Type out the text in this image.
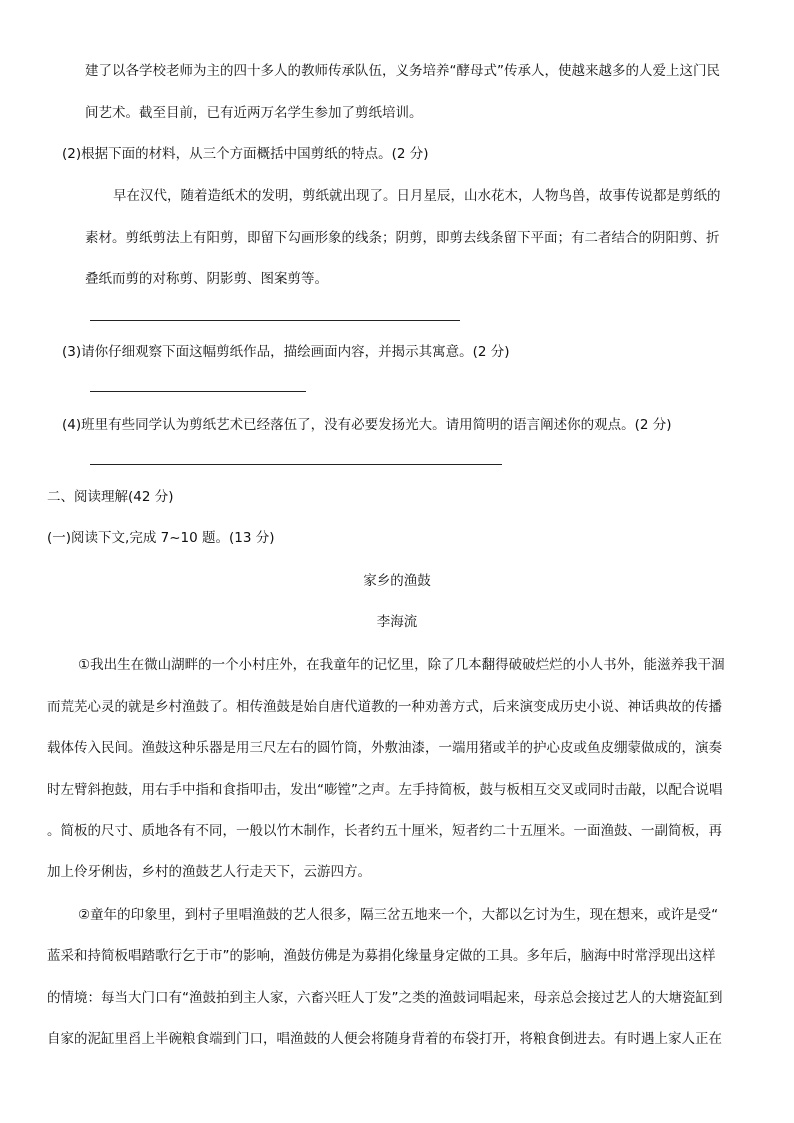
建了以各学校老师为主的四十多人的教师传承队伍，义务培养“酵母式”传承人，使越来越多的人爱上这门民
间艺术。截至目前，已有近两万名学生参加了剪纸培训。
(2)根据下面的材料，从三个方面概括中国剪纸的特点。(2 分)
早在汉代，随着造纸术的发明，剪纸就出现了。日月星辰，山水花木，人物鸟兽，故事传说都是剪纸的
素材。剪纸剪法上有阳剪，即留下勾画形象的线条；阴剪，即剪去线条留下平面；有二者结合的阴阳剪、折
叠纸而剪的对称剪、阴影剪、图案剪等。
(3)请你仔细观察下面这幅剪纸作品，描绘画面内容，并揭示其寓意。(2 分)
(4)班里有些同学认为剪纸艺术已经落伍了，没有必要发扬光大。请用简明的语言阐述你的观点。(2 分)
二、阅读理解(42 分)
(一)阅读下文,完成 7~10 题。(13 分)
家乡的渔鼓
李海流
①我出生在微山湖畔的一个小村庄外，在我童年的记忆里，除了几本翻得破破烂烂的小人书外，能滋养我干涸
而荒芜心灵的就是乡村渔鼓了。相传渔鼓是始自唐代道教的一种劝善方式，后来演变成历史小说、神话典故的传播
载体传入民间。渔鼓这种乐器是用三尺左右的圆竹筒，外敷油漆，一端用猪或羊的护心皮或鱼皮绷蒙做成的，演奏
时左臂斜抱鼓，用右手中指和食指叩击，发出“嘭镗”之声。左手持简板，鼓与板相互交叉或同时击敲，以配合说唱
。简板的尺寸、质地各有不同，一般以竹木制作，长者约五十厘米，短者约二十五厘米。一面渔鼓、一副简板，再
加上伶牙俐齿，乡村的渔鼓艺人行走天下，云游四方。
②童年的印象里，到村子里唱渔鼓的艺人很多，隔三岔五地来一个，大都以乞讨为生，现在想来，或许是受“
蓝采和持简板唱踏歌行乞于市”的影响，渔鼓仿佛是为募捐化缘量身定做的工具。多年后，脑海中时常浮现出这样
的情境：每当大门口有“渔鼓拍到主人家，六畜兴旺人丁发”之类的渔鼓词唱起来，母亲总会接过艺人的大塘瓷缸到
自家的泥缸里舀上半碗粮食端到门口，唱渔鼓的人便会将随身背着的布袋打开，将粮食倒进去。有时遇上家人正在
